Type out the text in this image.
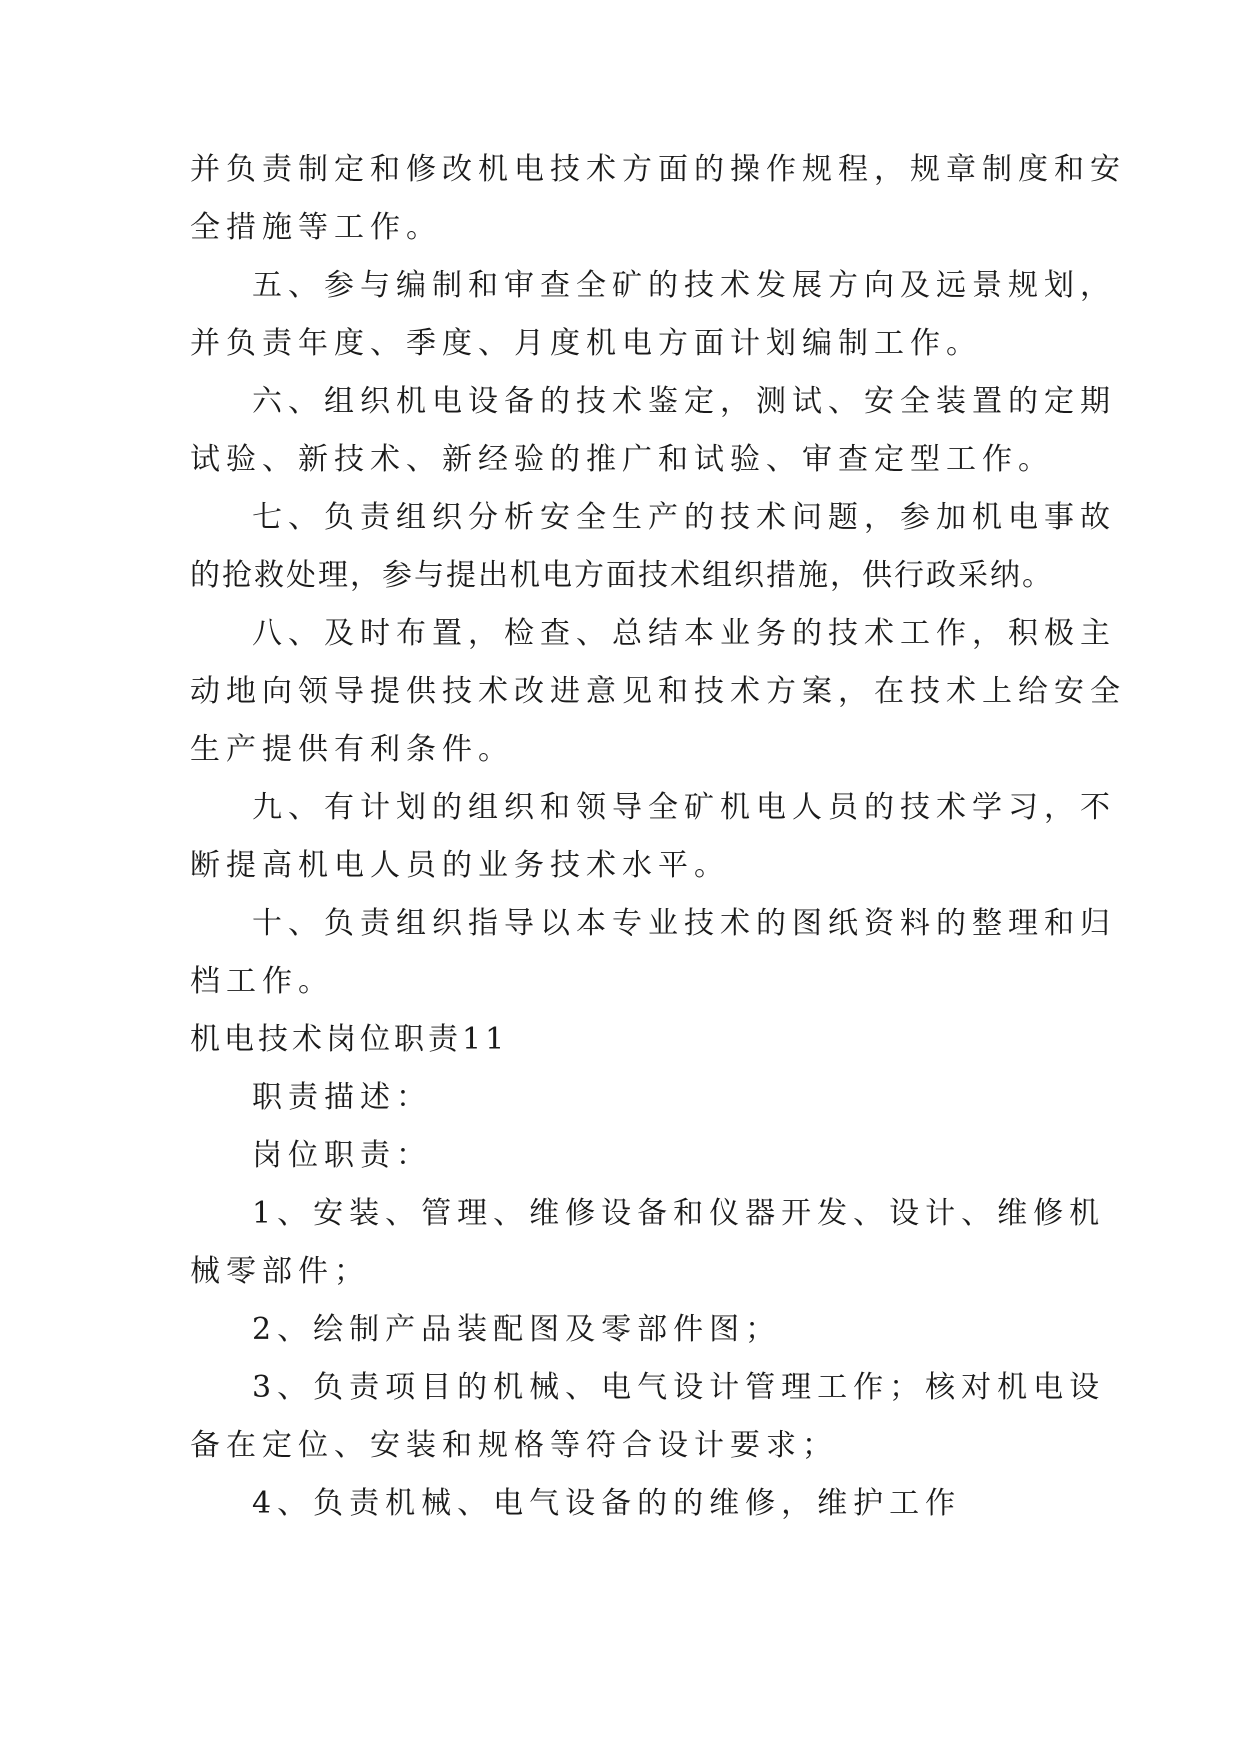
并负责制定和修改机电技术方面的操作规程，规章制度和安

全措施等工作。

五、参与编制和审查全矿的技术发展方向及远景规划，

并负责年度、季度、月度机电方面计划编制工作。

六、组织机电设备的技术鉴定，测试、安全装置的定期

试验、新技术、新经验的推广和试验、审查定型工作。

七、负责组织分析安全生产的技术问题，参加机电事故

的抢救处理，参与提出机电方面技术组织措施，供行政采纳。

八、及时布置，检查、总结本业务的技术工作，积极主

动地向领导提供技术改进意见和技术方案，在技术上给安全

生产提供有利条件。

九、有计划的组织和领导全矿机电人员的技术学习，不

断提高机电人员的业务技术水平。

十、负责组织指导以本专业技术的图纸资料的整理和归

档工作。

机电技术岗位职责11

职责描述：

岗位职责：

1、安装、管理、维修设备和仪器开发、设计、维修机

械零部件；

2、绘制产品装配图及零部件图；

3、负责项目的机械、电气设计管理工作；核对机电设

备在定位、安装和规格等符合设计要求；

4、负责机械、电气设备的的维修，维护工作
